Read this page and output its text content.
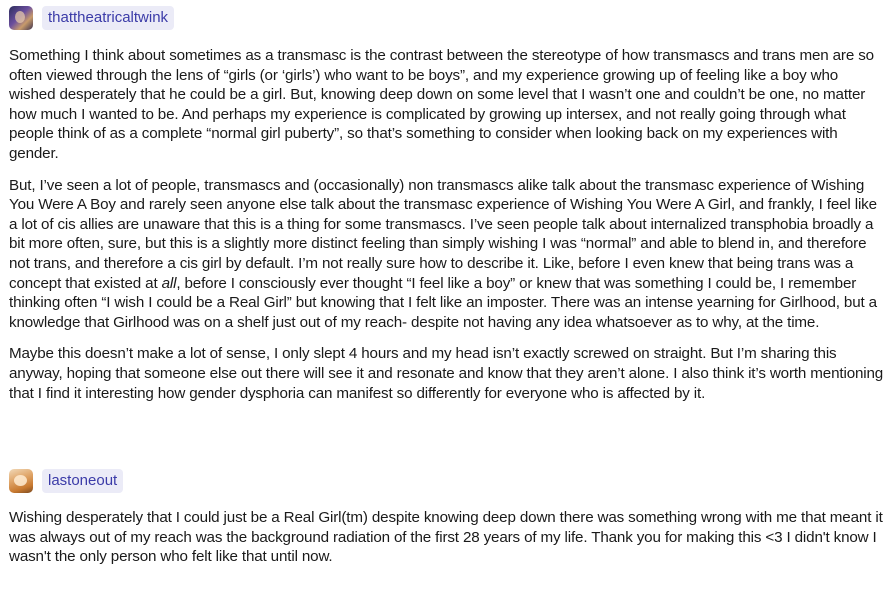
thattheatricaltwink

Something I think about sometimes as a transmasc is the contrast between the stereotype of how transmascs and trans men are so often viewed through the lens of “girls (or ‘girls’) who want to be boys”, and my experience growing up of feeling like a boy who wished desperately that he could be a girl. But, knowing deep down on some level that I wasn’t one and couldn’t be one, no matter how much I wanted to be. And perhaps my experience is complicated by growing up intersex, and not really going through what people think of as a complete “normal girl puberty”, so that’s something to consider when looking back on my experiences with gender.

But, I’ve seen a lot of people, transmascs and (occasionally) non transmascs alike talk about the transmasc experience of Wishing You Were A Boy and rarely seen anyone else talk about the transmasc experience of Wishing You Were A Girl, and frankly, I feel like a lot of cis allies are unaware that this is a thing for some transmascs. I’ve seen people talk about internalized transphobia broadly a bit more often, sure, but this is a slightly more distinct feeling than simply wishing I was “normal” and able to blend in, and therefore not trans, and therefore a cis girl by default. I’m not really sure how to describe it. Like, before I even knew that being trans was a concept that existed at all, before I consciously ever thought “I feel like a boy” or knew that was something I could be, I remember thinking often “I wish I could be a Real Girl” but knowing that I felt like an imposter. There was an intense yearning for Girlhood, but a knowledge that Girlhood was on a shelf just out of my reach- despite not having any idea whatsoever as to why, at the time.

Maybe this doesn’t make a lot of sense, I only slept 4 hours and my head isn’t exactly screwed on straight. But I’m sharing this anyway, hoping that someone else out there will see it and resonate and know that they aren’t alone. I also think it’s worth mentioning that I find it interesting how gender dysphoria can manifest so differently for everyone who is affected by it.

lastoneout

Wishing desperately that I could just be a Real Girl(tm) despite knowing deep down there was something wrong with me that meant it was always out of my reach was the background radiation of the first 28 years of my life. Thank you for making this <3 I didn't know I wasn't the only person who felt like that until now.
